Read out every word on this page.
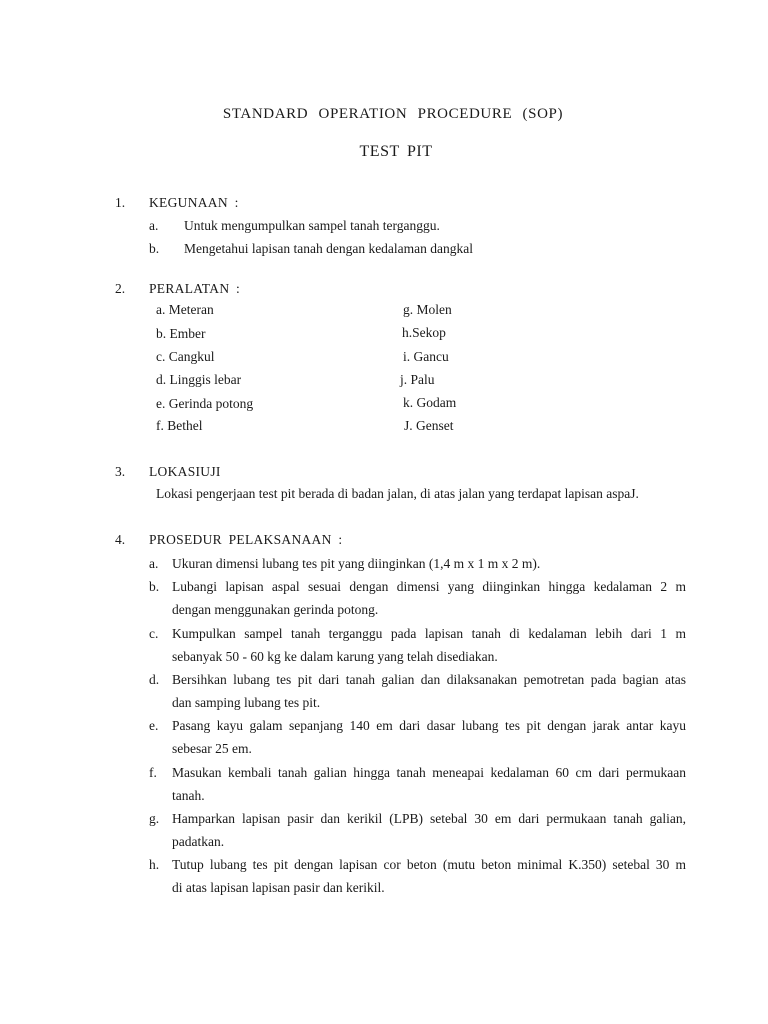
STANDARD OPERATION PROCEDURE (SOP)
TEST PIT
1. KEGUNAAN :
a. Untuk mengumpulkan sampel tanah terganggu.
b. Mengetahui lapisan tanah dengan kedalaman dangkal
2. PERALATAN :
a. Meteran
b. Ember
c. Cangkul
d. Linggis lebar
e. Gerinda potong
f. Bethel
g. Molen
h.Sekop
i. Gancu
j. Palu
k. Godam
J. Genset
3. LOKASIUJI
Lokasi pengerjaan test pit berada di badan jalan, di atas jalan yang terdapat lapisan aspaJ.
4. PROSEDUR PELAKSANAAN :
a. Ukuran dimensi lubang tes pit yang diinginkan (1,4 m x 1 m x 2 m).
b. Lubangi lapisan aspal sesuai dengan dimensi yang diinginkan hingga kedalaman 2 m
dengan menggunakan gerinda potong.
c. Kumpulkan sampel tanah terganggu pada lapisan tanah di kedalaman lebih dari 1 m
sebanyak 50 - 60 kg ke dalam karung yang telah disediakan.
d. Bersihkan lubang tes pit dari tanah galian dan dilaksanakan pemotretan pada bagian atas
dan samping lubang tes pit.
e. Pasang kayu galam sepanjang 140 em dari dasar lubang tes pit dengan jarak antar kayu
sebesar 25 em.
f. Masukan kembali tanah galian hingga tanah meneapai kedalaman 60 cm dari permukaan
tanah.
g. Hamparkan lapisan pasir dan kerikil (LPB) setebal 30 em dari permukaan tanah galian,
padatkan.
h. Tutup lubang tes pit dengan lapisan cor beton (mutu beton minimal K.350) setebal 30 m
di atas lapisan lapisan pasir dan kerikil.
